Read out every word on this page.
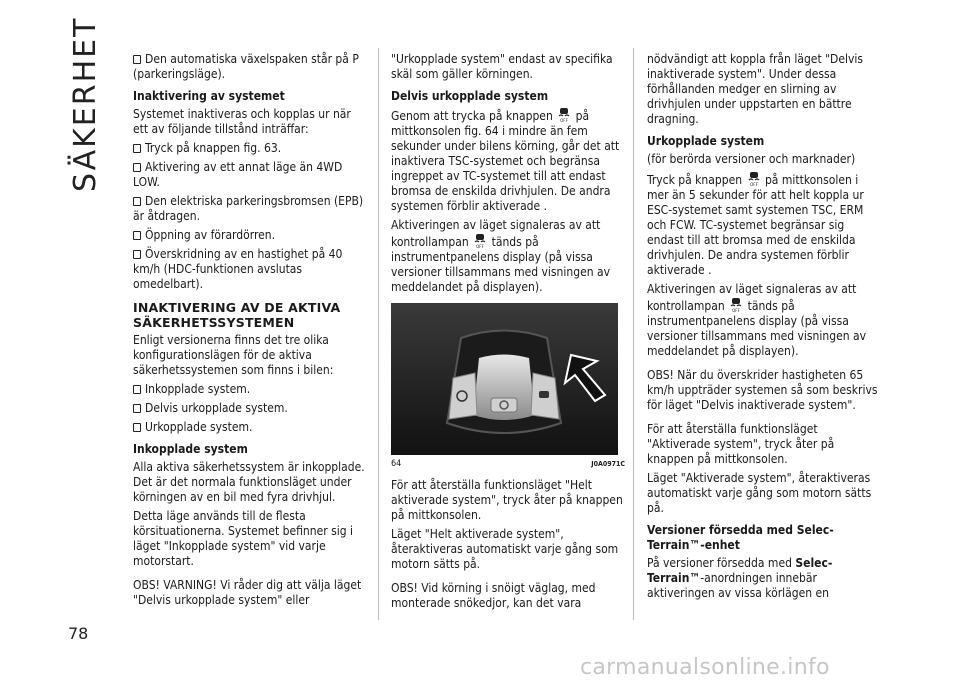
SÄKERHET
78

Den automatiska växelspaken står på P (parkeringsläge).

Inaktivering av systemet

Systemet inaktiveras och kopplas ur när ett av följande tillstånd inträffar:

Tryck på knappen fig. 63.

Aktivering av ett annat läge än 4WD LOW.

Den elektriska parkeringsbromsen (EPB) är åtdragen.

Öppning av förardörren.

Överskridning av en hastighet på 40 km/h (HDC-funktionen avslutas omedelbart).

INAKTIVERING AV DE AKTIVA SÄKERHETSSYSTEMEN

Enligt versionerna finns det tre olika konfigurationslägen för de aktiva säkerhetssystemen som finns i bilen:

Inkopplade system.

Delvis urkopplade system.

Urkopplade system.

Inkopplade system

Alla aktiva säkerhetssystem är inkopplade. Det är det normala funktionsläget under körningen av en bil med fyra drivhjul.

Detta läge används till de flesta körsituationerna. Systemet befinner sig i läget "Inkopplade system" vid varje motorstart.

OBS! VARNING! Vi råder dig att välja läget "Delvis urkopplade system" eller

"Urkopplade system" endast av specifika skäl som gäller körningen.

Delvis urkopplade system

Genom att trycka på knappen OFF på mittkonsolen fig. 64 i mindre än fem sekunder under bilens körning, går det att inaktivera TSC-systemet och begränsa ingreppet av TC-systemet till att endast bromsa de enskilda drivhjulen. De andra systemen förblir aktiverade .

Aktiveringen av läget signaleras av att kontrollampan OFF tänds på instrumentpanelens display (på vissa versioner tillsammans med visningen av meddelandet på displayen).

64	J0A0971C

För att återställa funktionsläget "Helt aktiverade system", tryck åter på knappen på mittkonsolen.

Läget "Helt aktiverade system", återaktiveras automatiskt varje gång som motorn sätts på.

OBS! Vid körning i snöigt väglag, med monterade snökedjor, kan det vara

nödvändigt att koppla från läget "Delvis inaktiverade system". Under dessa förhållanden medger en slirning av drivhjulen under uppstarten en bättre dragning.

Urkopplade system

(för berörda versioner och marknader)

Tryck på knappen OFF på mittkonsolen i mer än 5 sekunder för att helt koppla ur ESC-systemet samt systemen TSC, ERM och FCW. TC-systemet begränsar sig endast till att bromsa med de enskilda drivhjulen. De andra systemen förblir aktiverade .

Aktiveringen av läget signaleras av att kontrollampan OFF tänds på instrumentpanelens display (på vissa versioner tillsammans med visningen av meddelandet på displayen).

OBS! När du överskrider hastigheten 65 km/h uppträder systemen så som beskrivs för läget "Delvis inaktiverade system".

För att återställa funktionsläget "Aktiverade system", tryck åter på knappen på mittkonsolen.

Läget "Aktiverade system", återaktiveras automatiskt varje gång som motorn sätts på.

Versioner försedda med Selec-Terrain™-enhet

På versioner försedda med Selec-Terrain™-anordningen innebär aktiveringen av vissa körlägen en

carmanualsonline.info
